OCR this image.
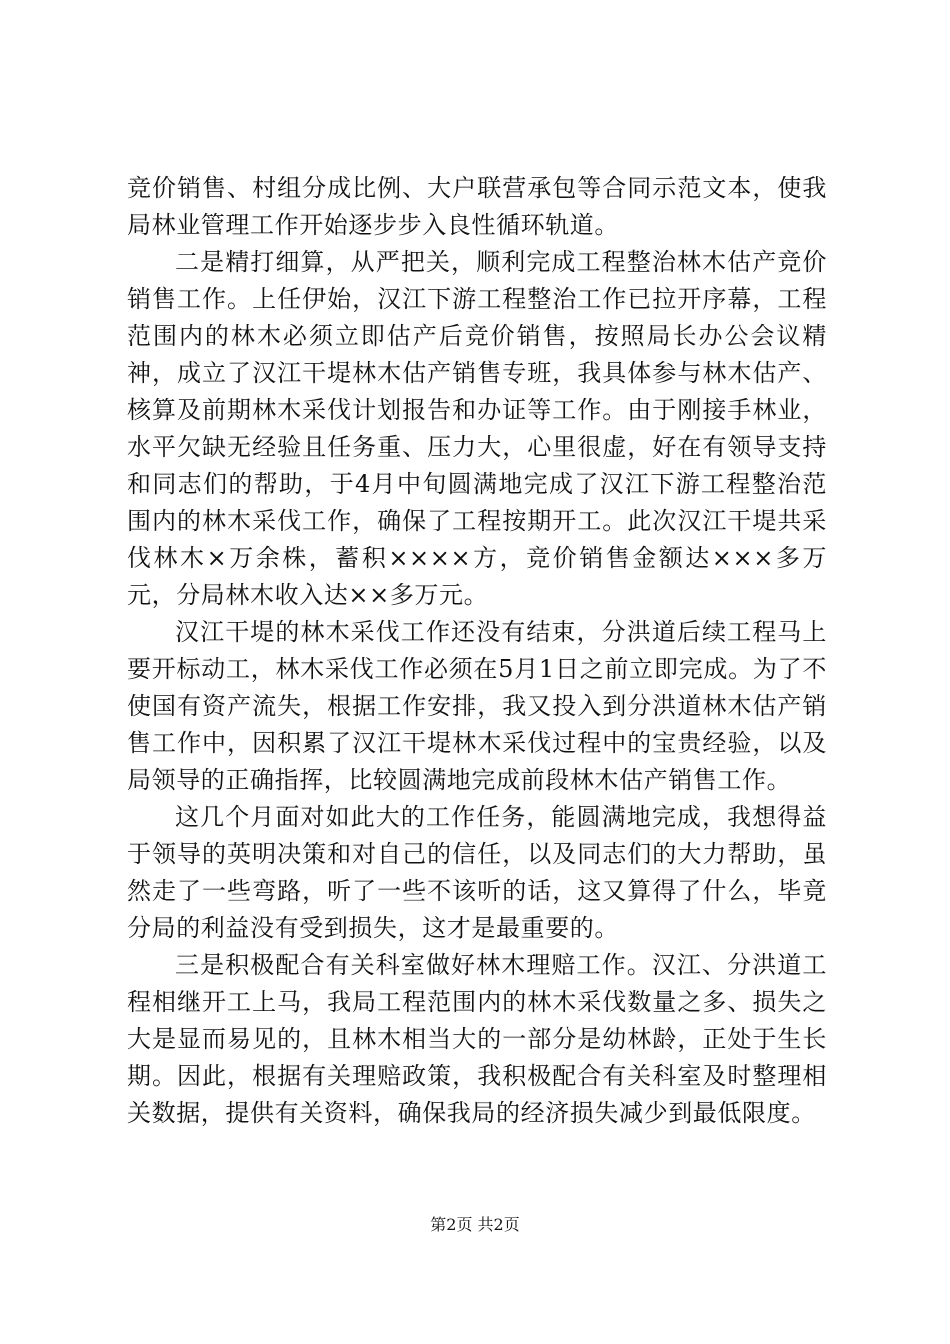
竞价销售、村组分成比例、大户联营承包等合同示范文本，使我局林业管理工作开始逐步步入良性循环轨道。

二是精打细算，从严把关，顺利完成工程整治林木估产竞价销售工作。上任伊始，汉江下游工程整治工作已拉开序幕，工程范围内的林木必须立即估产后竞价销售，按照局长办公会议精神，成立了汉江干堤林木估产销售专班，我具体参与林木估产、核算及前期林木采伐计划报告和办证等工作。由于刚接手林业，水平欠缺无经验且任务重、压力大，心里很虚，好在有领导支持和同志们的帮助，于4月中旬圆满地完成了汉江下游工程整治范围内的林木采伐工作，确保了工程按期开工。此次汉江干堤共采伐林木×万余株，蓄积××××方，竞价销售金额达×××多万元，分局林木收入达××多万元。

汉江干堤的林木采伐工作还没有结束，分洪道后续工程马上要开标动工，林木采伐工作必须在5月1日之前立即完成。为了不使国有资产流失，根据工作安排，我又投入到分洪道林木估产销售工作中，因积累了汉江干堤林木采伐过程中的宝贵经验，以及局领导的正确指挥，比较圆满地完成前段林木估产销售工作。

这几个月面对如此大的工作任务，能圆满地完成，我想得益于领导的英明决策和对自己的信任，以及同志们的大力帮助，虽然走了一些弯路，听了一些不该听的话，这又算得了什么，毕竟分局的利益没有受到损失，这才是最重要的。

三是积极配合有关科室做好林木理赔工作。汉江、分洪道工程相继开工上马，我局工程范围内的林木采伐数量之多、损失之大是显而易见的，且林木相当大的一部分是幼林龄，正处于生长期。因此，根据有关理赔政策，我积极配合有关科室及时整理相关数据，提供有关资料，确保我局的经济损失减少到最低限度。

第2页 共2页
